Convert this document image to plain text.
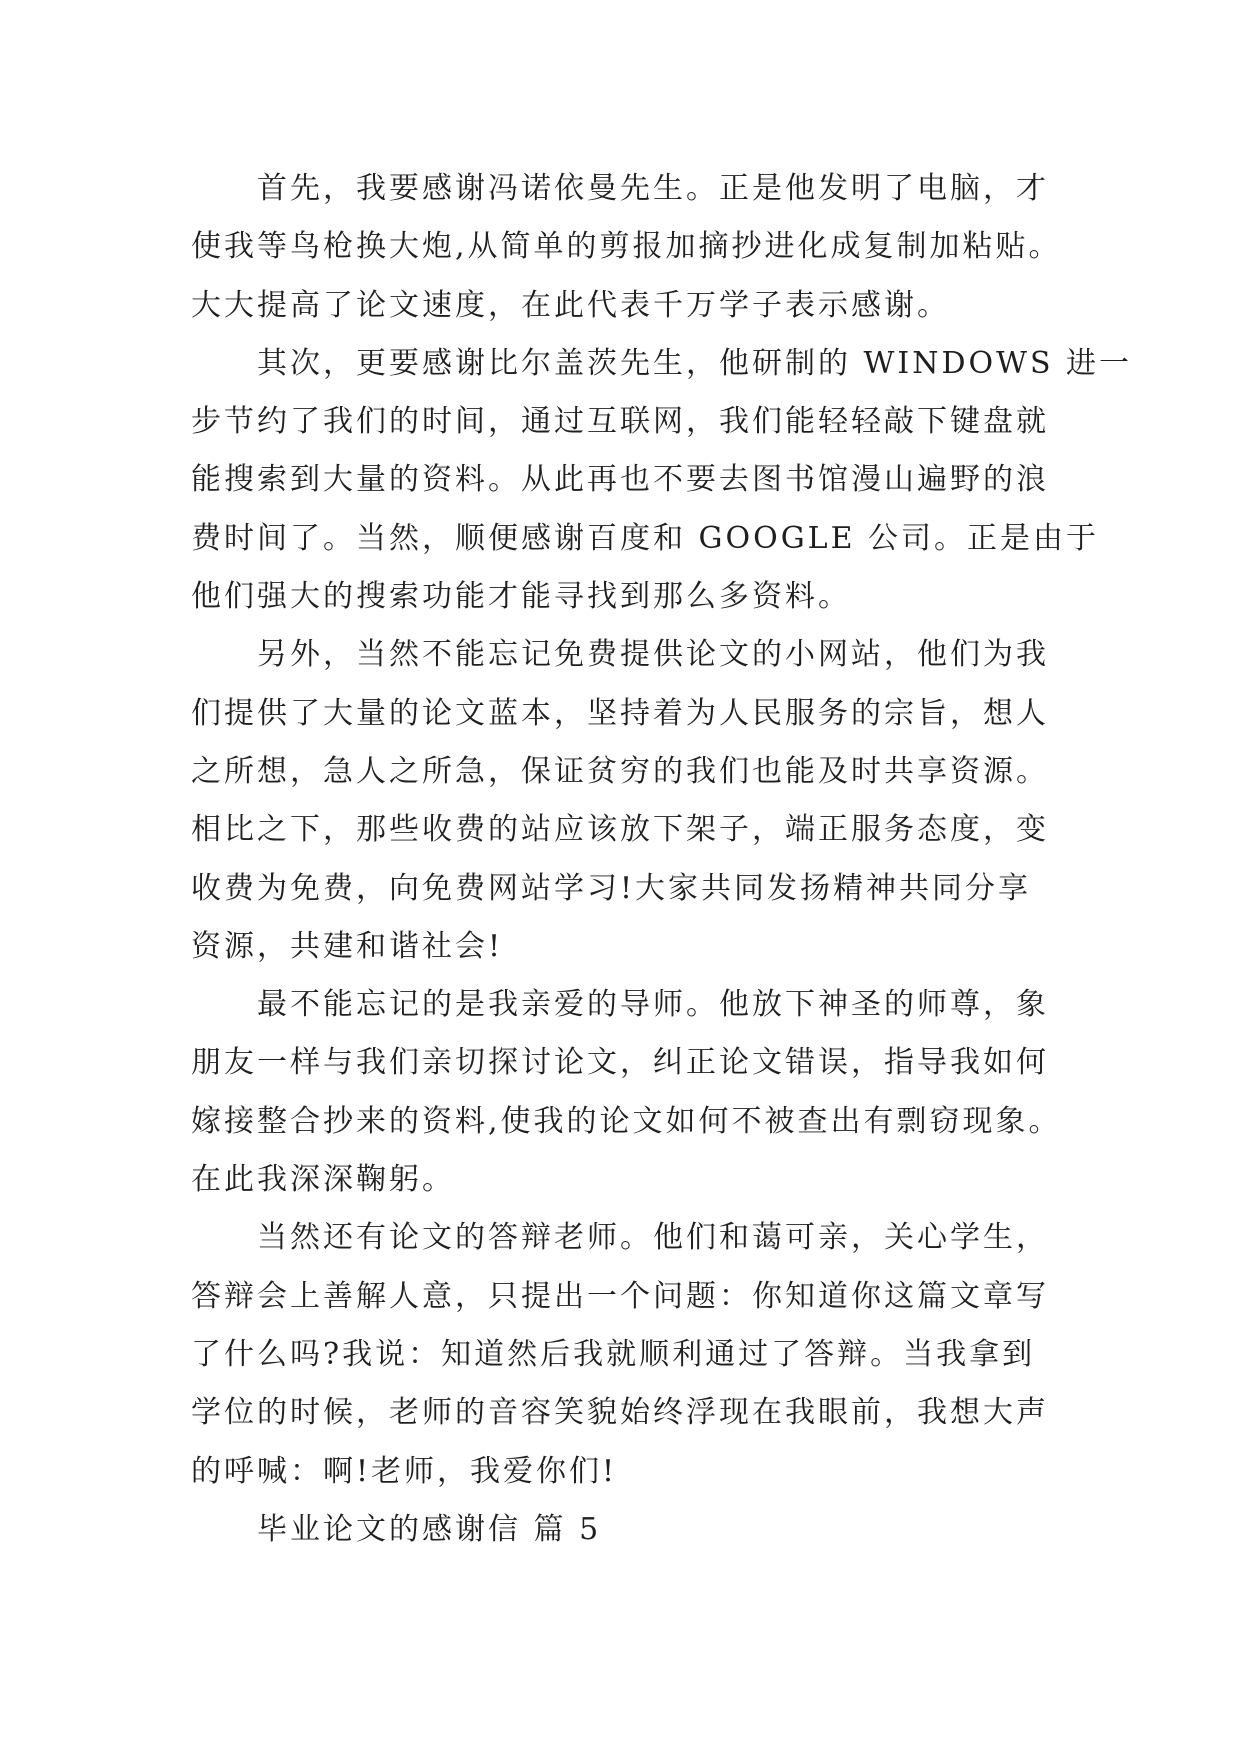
首先，我要感谢冯诺依曼先生。正是他发明了电脑，才
使我等鸟枪换大炮,从简单的剪报加摘抄进化成复制加粘贴。
大大提高了论文速度，在此代表千万学子表示感谢。
其次，更要感谢比尔盖茨先生，他研制的 WINDOWS 进一
步节约了我们的时间，通过互联网，我们能轻轻敲下键盘就
能搜索到大量的资料。从此再也不要去图书馆漫山遍野的浪
费时间了。当然，顺便感谢百度和 GOOGLE 公司。正是由于
他们强大的搜索功能才能寻找到那么多资料。
另外，当然不能忘记免费提供论文的小网站，他们为我
们提供了大量的论文蓝本，坚持着为人民服务的宗旨，想人
之所想，急人之所急，保证贫穷的我们也能及时共享资源。
相比之下，那些收费的站应该放下架子，端正服务态度，变
收费为免费，向免费网站学习!大家共同发扬精神共同分享
资源，共建和谐社会!
最不能忘记的是我亲爱的导师。他放下神圣的师尊，象
朋友一样与我们亲切探讨论文，纠正论文错误，指导我如何
嫁接整合抄来的资料,使我的论文如何不被查出有剽窃现象。
在此我深深鞠躬。
当然还有论文的答辩老师。他们和蔼可亲，关心学生，
答辩会上善解人意，只提出一个问题：你知道你这篇文章写
了什么吗?我说：知道然后我就顺利通过了答辩。当我拿到
学位的时候，老师的音容笑貌始终浮现在我眼前，我想大声
的呼喊：啊!老师，我爱你们!
毕业论文的感谢信 篇 5
